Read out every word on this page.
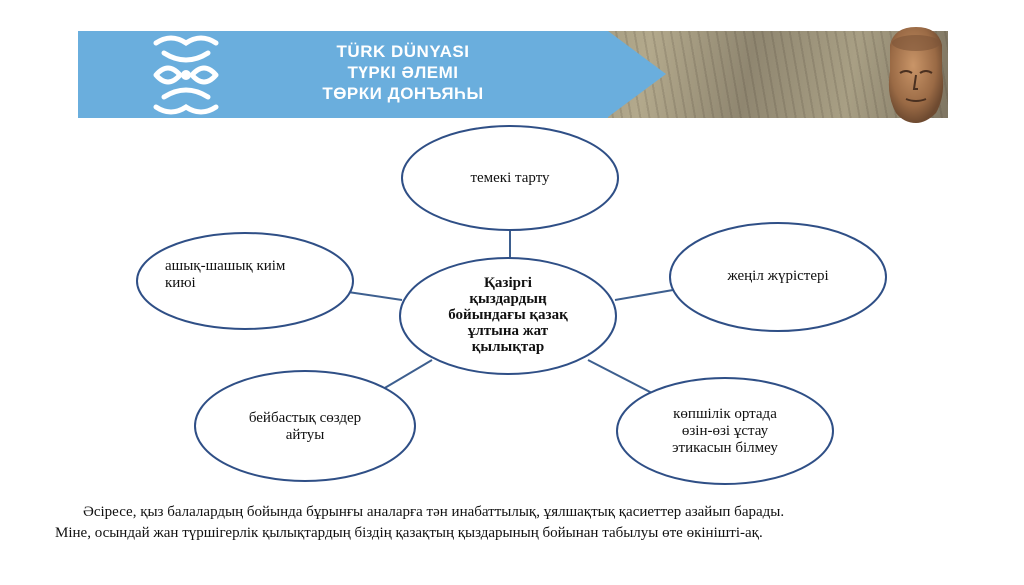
TÜRK DÜNYASI
ТҮРКІ ӘЛЕМІ
ТӨРКИ ДОНЪЯҺЫ
темекі тарту
ашық-шашық киім
киюі	жеңіл жүрістері
бейбастық сөздер
айтуы
көпшілік ортада
өзін-өзі ұстау
этикасын білмеу
Қазіргі
қыздардың
бойындағы қазақ
ұлтына жат
қылықтар
Әсіресе, қыз балалардың бойында бұрынғы аналарға тән инабаттылық, ұялшақтық қасиеттер азайып барады.
Міне, осындай жан түршігерлік қылықтардың біздің қазақтың қыздарының бойынан табылуы өте өкінішті-ақ.
